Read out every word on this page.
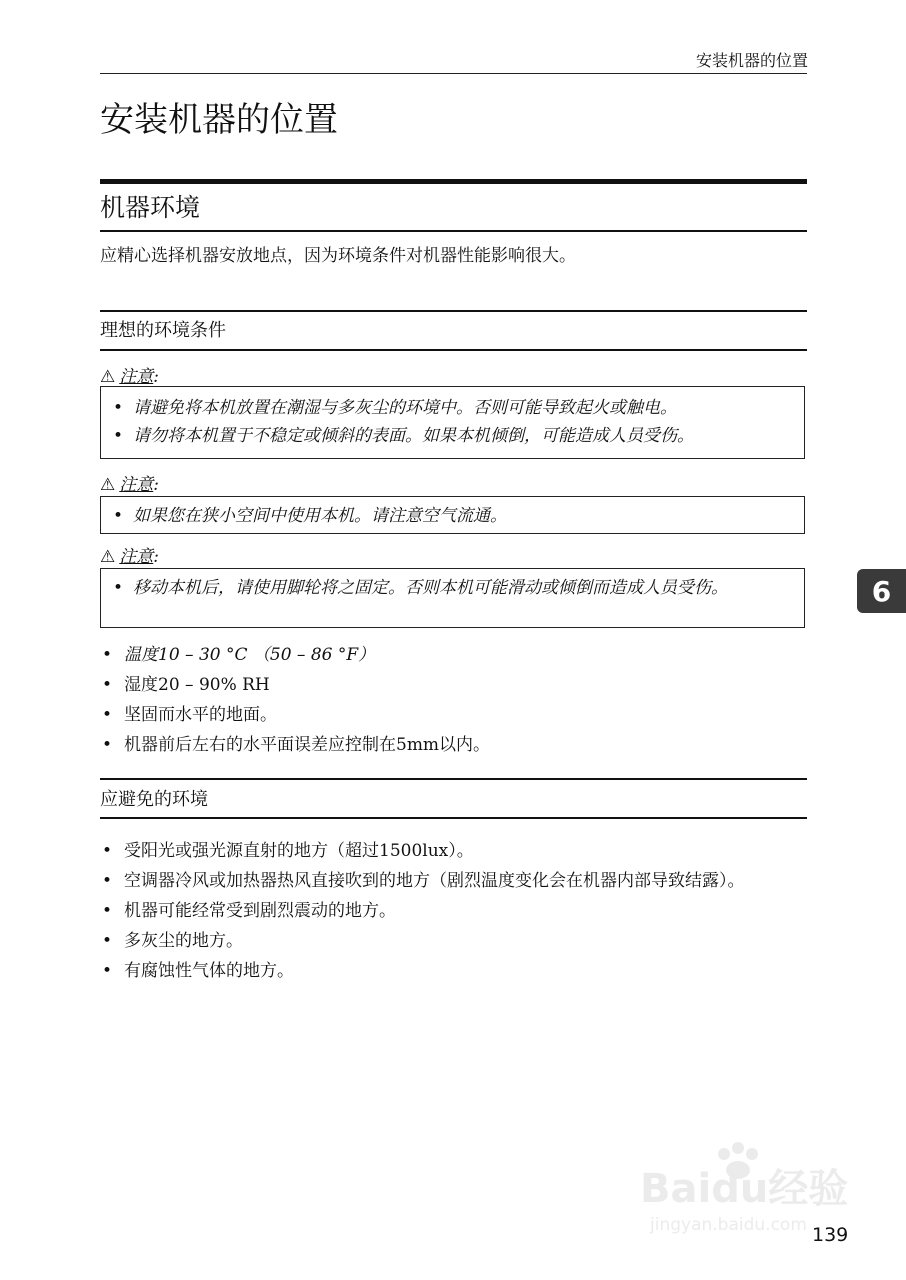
安装机器的位置
安装机器的位置
机器环境
应精心选择机器安放地点，因为环境条件对机器性能影响很大。
理想的环境条件
⚠ 注意:
• 请避免将本机放置在潮湿与多灰尘的环境中。否则可能导致起火或触电。
• 请勿将本机置于不稳定或倾斜的表面。如果本机倾倒，可能造成人员受伤。
⚠ 注意:
• 如果您在狭小空间中使用本机。请注意空气流通。
⚠ 注意:
• 移动本机后，请使用脚轮将之固定。否则本机可能滑动或倾倒而造成人员受伤。
• 温度10 – 30 °C （50 – 86 °F）
• 湿度20 – 90% RH
• 坚固而水平的地面。
• 机器前后左右的水平面误差应控制在5mm以内。
应避免的环境
• 受阳光或强光源直射的地方（超过1500lux）。
• 空调器冷风或加热器热风直接吹到的地方（剧烈温度变化会在机器内部导致结露）。
• 机器可能经常受到剧烈震动的地方。
• 多灰尘的地方。
• 有腐蚀性气体的地方。
6
Baidu经验
jingyan.baidu.com 139
